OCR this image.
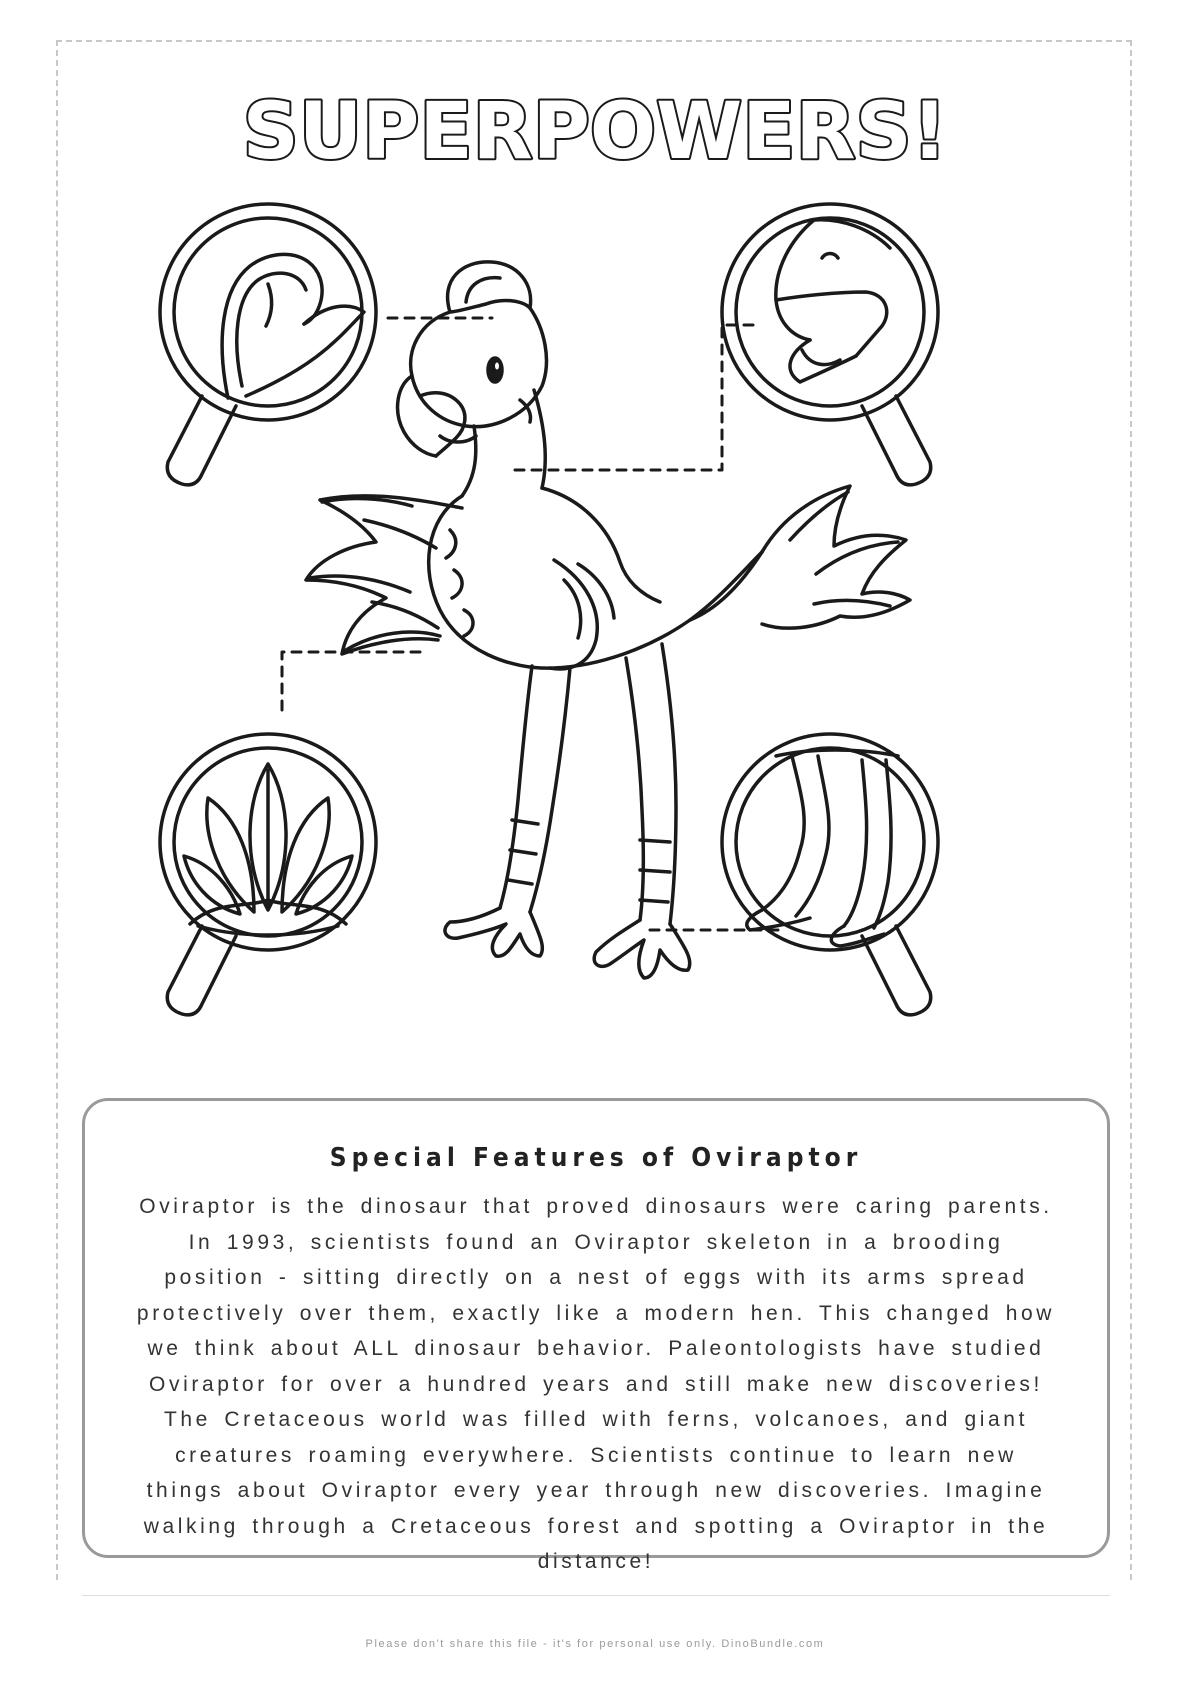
SUPERPOWERS!
Special Features of Oviraptor

Oviraptor is the dinosaur that proved dinosaurs were caring parents. In 1993, scientists found an Oviraptor skeleton in a brooding position - sitting directly on a nest of eggs with its arms spread protectively over them, exactly like a modern hen. This changed how we think about ALL dinosaur behavior. Paleontologists have studied Oviraptor for over a hundred years and still make new discoveries! The Cretaceous world was filled with ferns, volcanoes, and giant creatures roaming everywhere. Scientists continue to learn new things about Oviraptor every year through new discoveries. Imagine walking through a Cretaceous forest and spotting a Oviraptor in the distance!

Please don't share this file - it's for personal use only. DinoBundle.com
